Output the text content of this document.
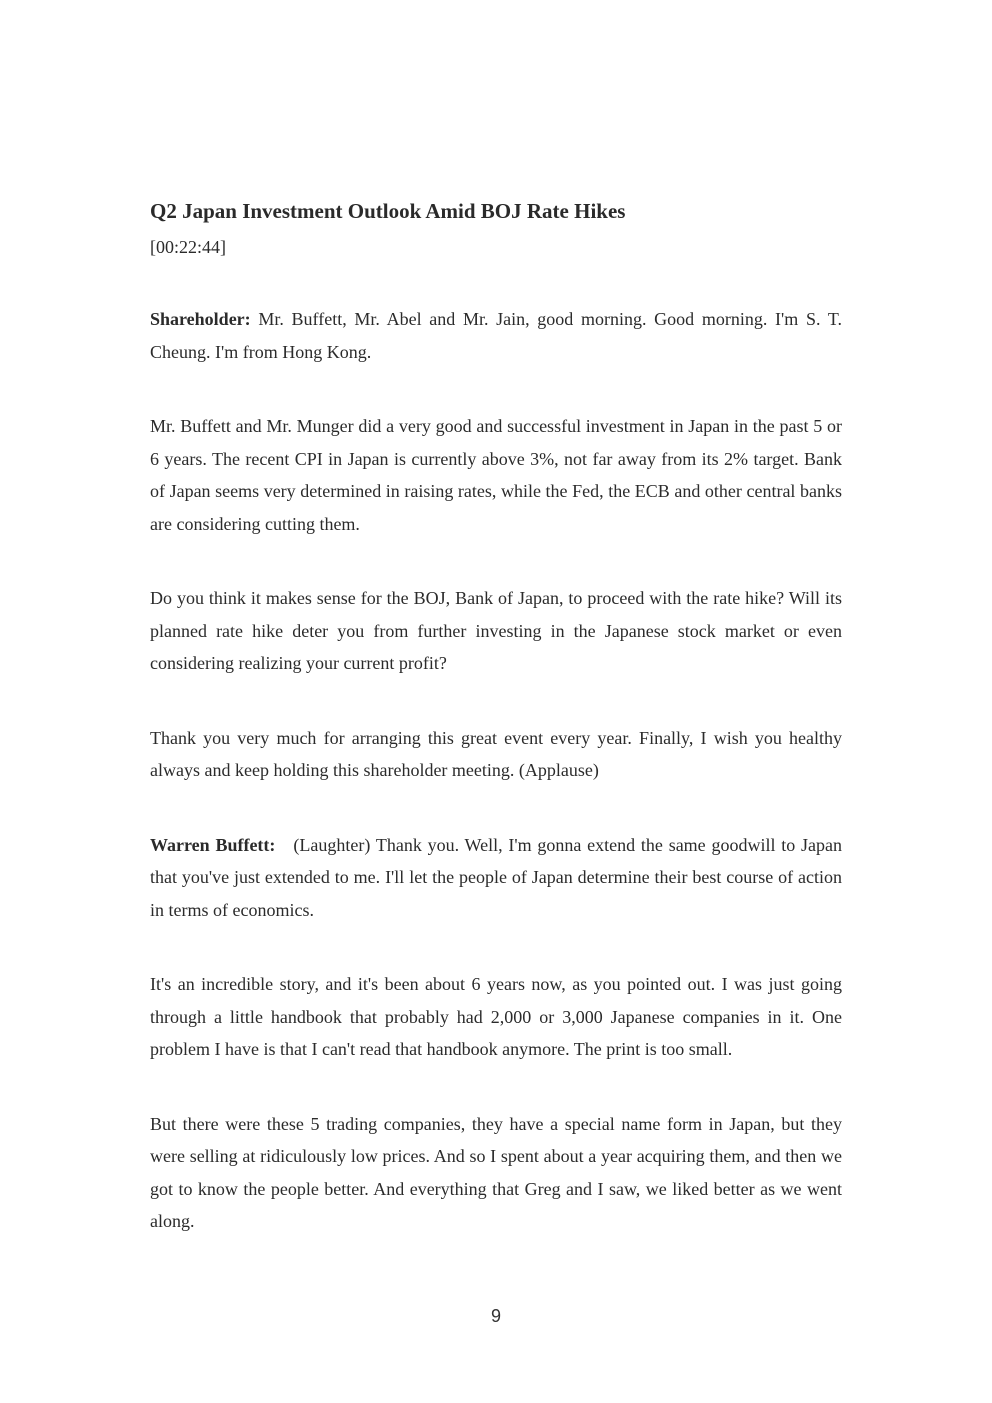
Q2 Japan Investment Outlook Amid BOJ Rate Hikes
[00:22:44]

Shareholder: Mr. Buffett, Mr. Abel and Mr. Jain, good morning. Good morning. I'm S. T. Cheung. I'm from Hong Kong.

Mr. Buffett and Mr. Munger did a very good and successful investment in Japan in the past 5 or 6 years. The recent CPI in Japan is currently above 3%, not far away from its 2% target. Bank of Japan seems very determined in raising rates, while the Fed, the ECB and other central banks are considering cutting them.

Do you think it makes sense for the BOJ, Bank of Japan, to proceed with the rate hike? Will its planned rate hike deter you from further investing in the Japanese stock market or even considering realizing your current profit?

Thank you very much for arranging this great event every year. Finally, I wish you healthy always and keep holding this shareholder meeting. (Applause)

Warren Buffett: (Laughter) Thank you. Well, I'm gonna extend the same goodwill to Japan that you've just extended to me. I'll let the people of Japan determine their best course of action in terms of economics.

It's an incredible story, and it's been about 6 years now, as you pointed out. I was just going through a little handbook that probably had 2,000 or 3,000 Japanese companies in it. One problem I have is that I can't read that handbook anymore. The print is too small.

But there were these 5 trading companies, they have a special name form in Japan, but they were selling at ridiculously low prices. And so I spent about a year acquiring them, and then we got to know the people better. And everything that Greg and I saw, we liked better as we went along.

9
